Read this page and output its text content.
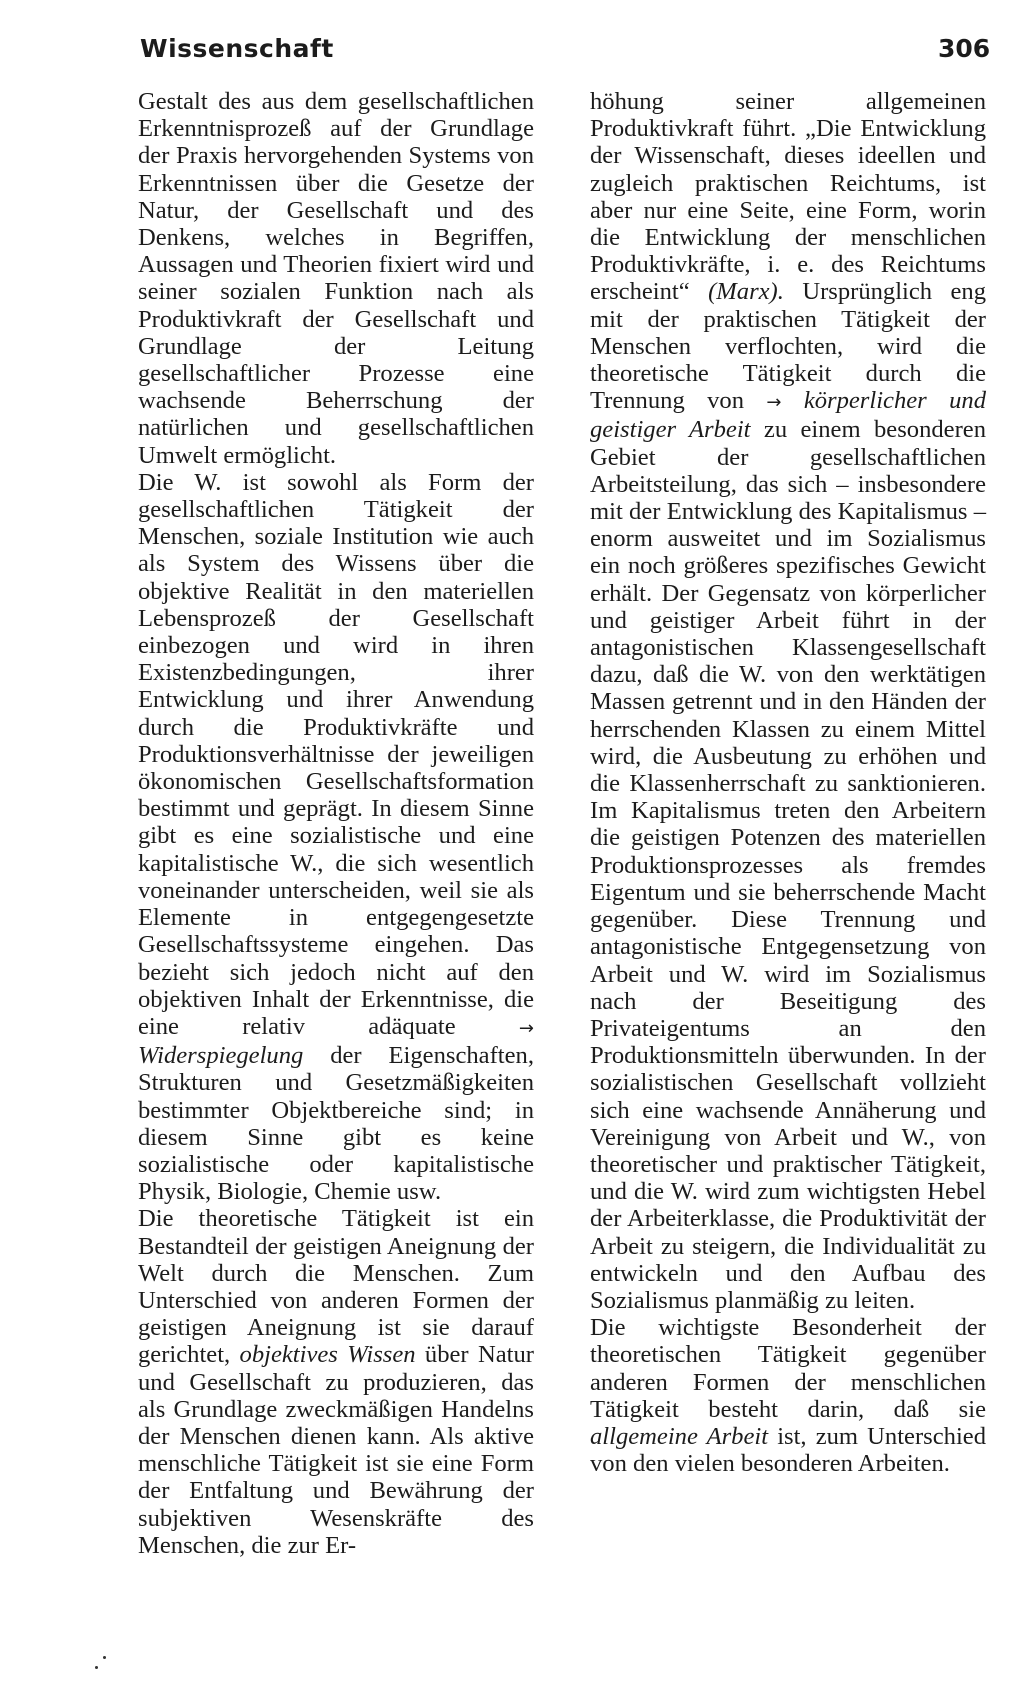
Wissenschaft	306

Gestalt des aus dem gesellschaftlichen Erkenntnisprozeß auf der Grundlage der Praxis hervorgehenden Systems von Erkenntnissen über die Gesetze der Natur, der Gesellschaft und des Denkens, welches in Begriffen, Aussagen und Theorien fixiert wird und seiner sozialen Funktion nach als Produktivkraft der Gesellschaft und Grundlage der Leitung gesellschaftlicher Prozesse eine wachsende Beherrschung der natürlichen und gesellschaftlichen Umwelt ermöglicht.

Die W. ist sowohl als Form der gesellschaftlichen Tätigkeit der Menschen, soziale Institution wie auch als System des Wissens über die objektive Realität in den materiellen Lebensprozeß der Gesellschaft einbezogen und wird in ihren Existenzbedingungen, ihrer Entwicklung und ihrer Anwendung durch die Produktivkräfte und Produktionsverhältnisse der jeweiligen ökonomischen Gesellschaftsformation bestimmt und geprägt. In diesem Sinne gibt es eine sozialistische und eine kapitalistische W., die sich wesentlich voneinander unterscheiden, weil sie als Elemente in entgegengesetzte Gesellschaftssysteme eingehen. Das bezieht sich jedoch nicht auf den objektiven Inhalt der Erkenntnisse, die eine relativ adäquate	→ Widerspiegelung der Eigenschaften, Strukturen und Gesetzmäßigkeiten bestimmter Objektbereiche sind; in diesem Sinne gibt es keine sozialistische oder kapitalistische Physik, Biologie, Chemie usw.

Die theoretische Tätigkeit ist ein Bestandteil der geistigen Aneignung der Welt durch die Menschen. Zum Unterschied von anderen Formen der geistigen Aneignung ist sie darauf gerichtet, objektives Wissen über Natur und Gesellschaft zu produzieren, das als Grundlage zweckmäßigen Handelns der Menschen dienen kann. Als aktive menschliche Tätigkeit ist sie eine Form der Entfaltung und Bewährung der subjektiven Wesenskräfte des Menschen, die zur Er-

höhung seiner allgemeinen Produktivkraft führt. „Die Entwicklung der Wissenschaft, dieses ideellen und zugleich praktischen Reichtums, ist aber nur eine Seite, eine Form, worin die Entwicklung der menschlichen Produktivkräfte, i. e. des Reichtums erscheint“ (Marx). Ursprünglich eng mit der praktischen Tätigkeit der Menschen verflochten, wird die theoretische Tätigkeit durch die Trennung von → körperlicher und geistiger Arbeit zu einem besonderen Gebiet der gesellschaftlichen Arbeitsteilung, das sich – insbesondere mit der Entwicklung des Kapitalismus – enorm ausweitet und im Sozialismus ein noch größeres spezifisches Gewicht erhält. Der Gegensatz von körperlicher und geistiger Arbeit führt in der antagonistischen Klassengesellschaft dazu, daß die W. von den werktätigen Massen getrennt und in den Händen der herrschenden Klassen zu einem Mittel wird, die Ausbeutung zu erhöhen und die Klassenherrschaft zu sanktionieren. Im Kapitalismus treten den Arbeitern die geistigen Potenzen des materiellen Produktionsprozesses als fremdes Eigentum und sie beherrschende Macht gegenüber. Diese Trennung und antagonistische Entgegensetzung von Arbeit und W. wird im Sozialismus nach der Beseitigung des Privateigentums an den Produktionsmitteln überwunden. In der sozialistischen Gesellschaft vollzieht sich eine wachsende Annäherung und Vereinigung von Arbeit und W., von theoretischer und praktischer Tätigkeit, und die W. wird zum wichtigsten Hebel der Arbeiterklasse, die Produktivität der Arbeit zu steigern, die Individualität zu entwickeln und den Aufbau des Sozialismus planmäßig zu leiten.

Die wichtigste Besonderheit der theoretischen Tätigkeit gegenüber anderen Formen der menschlichen Tätigkeit besteht darin, daß sie allgemeine Arbeit ist, zum Unterschied von den vielen besonderen Arbeiten.
